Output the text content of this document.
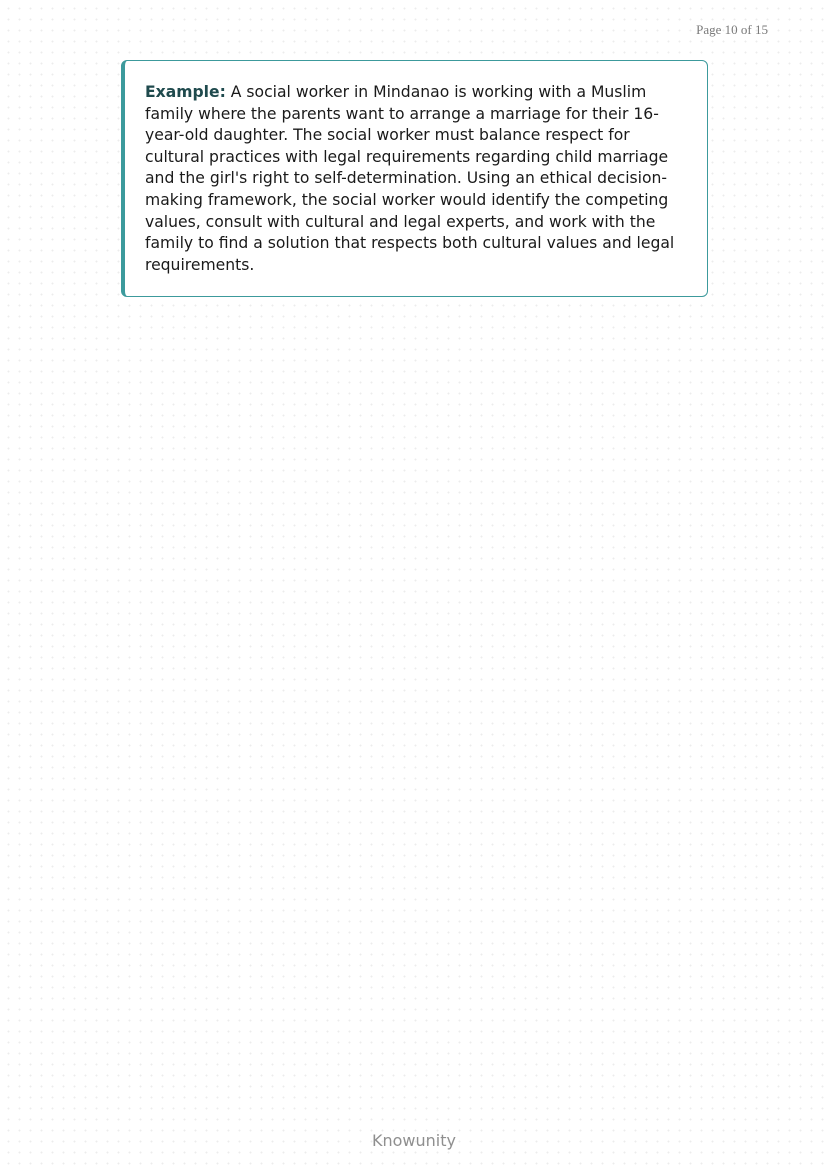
Page 10 of 15

Example: A social worker in Mindanao is working with a Muslim family where the parents want to arrange a marriage for their 16-year-old daughter. The social worker must balance respect for cultural practices with legal requirements regarding child marriage and the girl's right to self-determination. Using an ethical decision-making framework, the social worker would identify the competing values, consult with cultural and legal experts, and work with the family to find a solution that respects both cultural values and legal requirements.

Knowunity
